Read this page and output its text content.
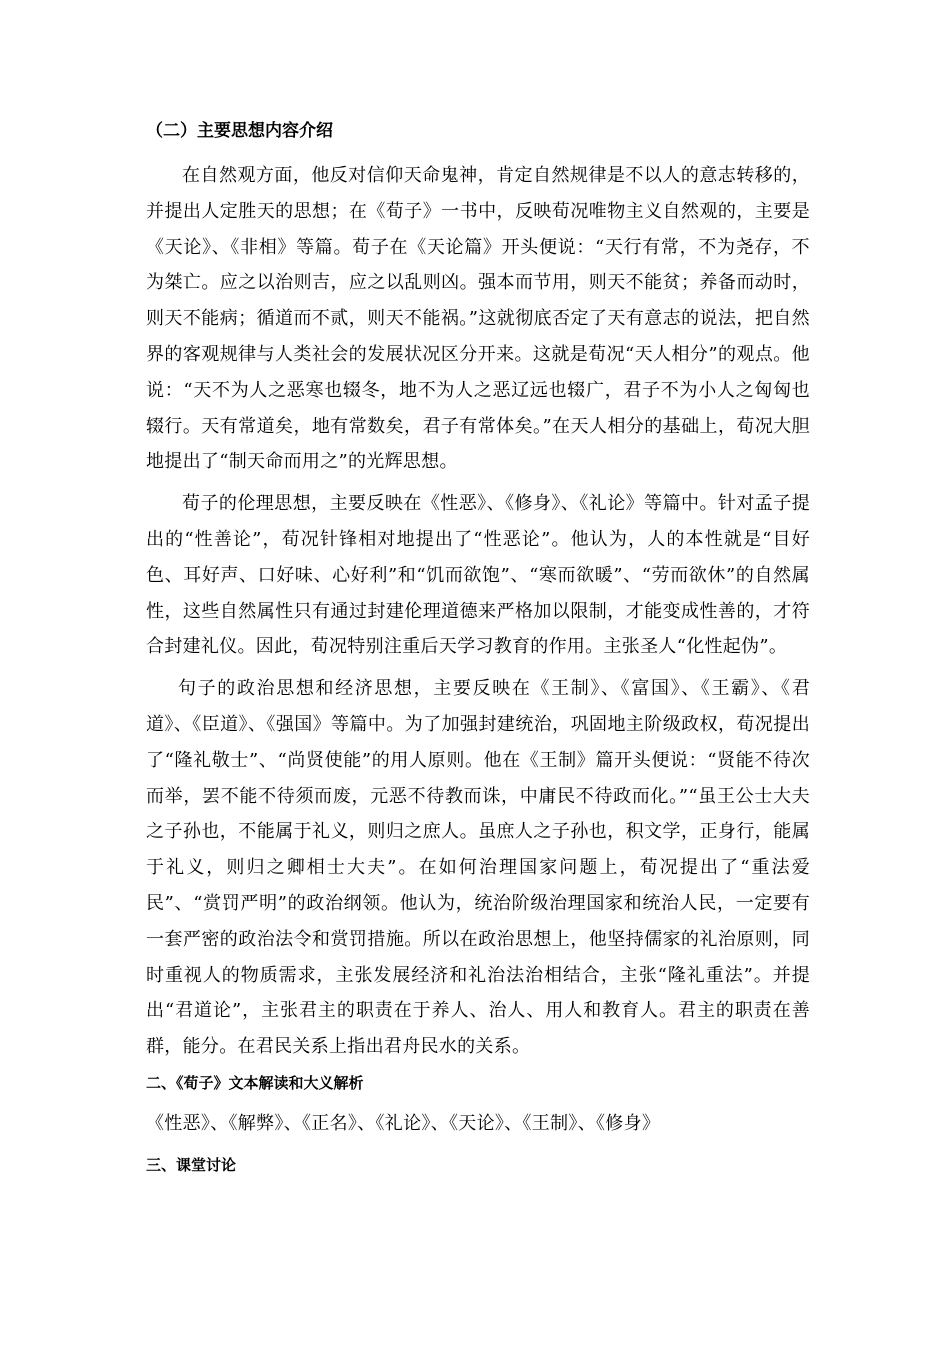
（二）主要思想内容介绍

在自然观方面，他反对信仰天命鬼神，肯定自然规律是不以人的意志转移的，并提出人定胜天的思想；在《荀子》一书中，反映荀况唯物主义自然观的，主要是《天论》、《非相》等篇。荀子在《天论篇》开头便说：“天行有常，不为尧存，不为桀亡。应之以治则吉，应之以乱则凶。强本而节用，则天不能贫；养备而动时，则天不能病；循道而不贰，则天不能祸。”这就彻底否定了天有意志的说法，把自然界的客观规律与人类社会的发展状况区分开来。这就是荀况“天人相分”的观点。他说：“天不为人之恶寒也辍冬，地不为人之恶辽远也辍广，君子不为小人之匈匈也辍行。天有常道矣，地有常数矣，君子有常体矣。”在天人相分的基础上，荀况大胆地提出了“制天命而用之”的光辉思想。

荀子的伦理思想，主要反映在《性恶》、《修身》、《礼论》等篇中。针对孟子提出的“性善论”，荀况针锋相对地提出了“性恶论”。他认为，人的本性就是“目好色、耳好声、口好味、心好利”和“饥而欲饱”、“寒而欲暖”、“劳而欲休”的自然属性，这些自然属性只有通过封建伦理道德来严格加以限制，才能变成性善的，才符合封建礼仪。因此，荀况特别注重后天学习教育的作用。主张圣人“化性起伪”。

句子的政治思想和经济思想，主要反映在《王制》、《富国》、《王霸》、《君道》、《臣道》、《强国》等篇中。为了加强封建统治，巩固地主阶级政权，荀况提出了“隆礼敬士”、“尚贤使能”的用人原则。他在《王制》篇开头便说：“贤能不待次而举，罢不能不待须而废，元恶不待教而诛，中庸民不待政而化。”“虽王公士大夫之子孙也，不能属于礼义，则归之庶人。虽庶人之子孙也，积文学，正身行，能属于礼义，则归之卿相士大夫”。在如何治理国家问题上，荀况提出了“重法爱民”、“赏罚严明”的政治纲领。他认为，统治阶级治理国家和统治人民，一定要有一套严密的政治法令和赏罚措施。所以在政治思想上，他坚持儒家的礼治原则，同时重视人的物质需求，主张发展经济和礼治法治相结合，主张“隆礼重法”。并提出“君道论”，主张君主的职责在于养人、治人、用人和教育人。君主的职责在善群，能分。在君民关系上指出君舟民水的关系。

二、《荀子》文本解读和大义解析
《性恶》、《解弊》、《正名》、《礼论》、《天论》、《王制》、《修身》
三、课堂讨论
